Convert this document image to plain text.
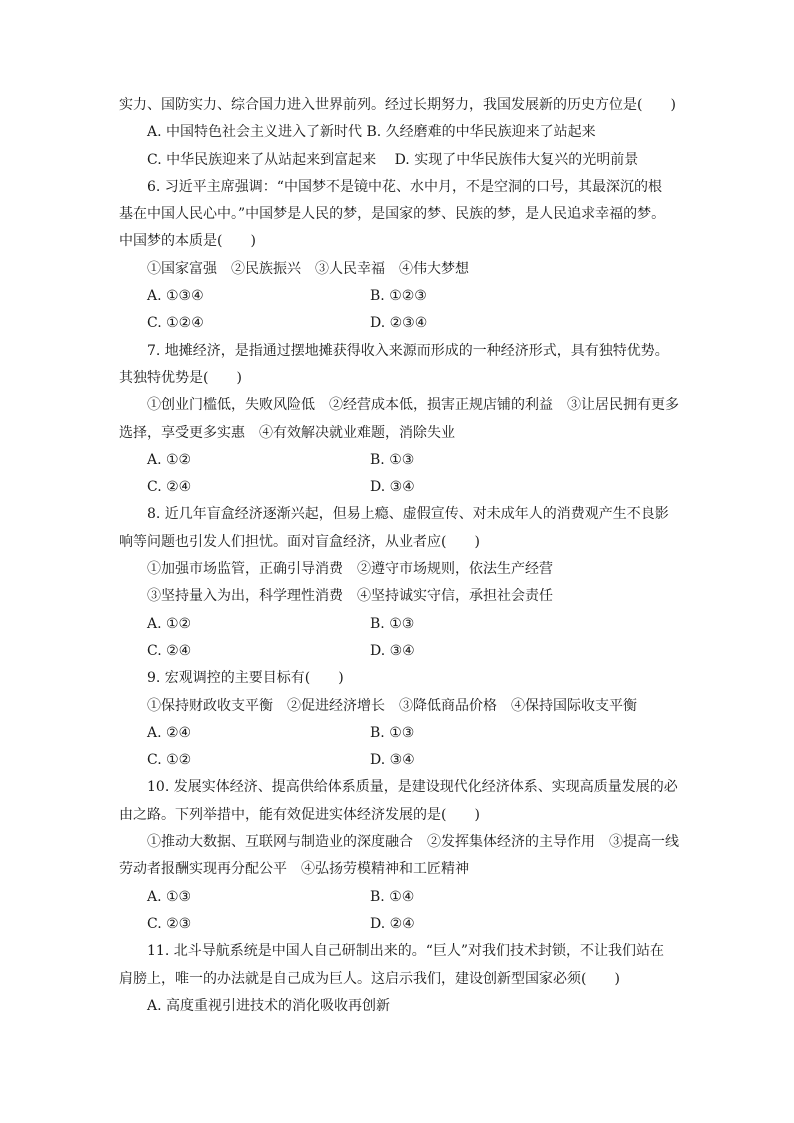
实力、国防实力、综合国力进入世界前列。经过长期努力，我国发展新的历史方位是(　　)
A. 中国特色社会主义进入了新时代 B. 久经磨难的中华民族迎来了站起来
C. 中华民族迎来了从站起来到富起来　 D. 实现了中华民族伟大复兴的光明前景
6. 习近平主席强调：“中国梦不是镜中花、水中月，不是空洞的口号，其最深沉的根
基在中国人民心中。”中国梦是人民的梦，是国家的梦、民族的梦，是人民追求幸福的梦。
中国梦的本质是(　　)
①国家富强　②民族振兴　③人民幸福　④伟大梦想
A. ①③④	B. ①②③
C. ①②④	D. ②③④
7. 地摊经济，是指通过摆地摊获得收入来源而形成的一种经济形式，具有独特优势。
其独特优势是(　　)
①创业门槛低，失败风险低　②经营成本低，损害正规店铺的利益　③让居民拥有更多
选择，享受更多实惠　④有效解决就业难题，消除失业
A. ①②	B. ①③
C. ②④	D. ③④
8. 近几年盲盒经济逐渐兴起，但易上瘾、虚假宣传、对未成年人的消费观产生不良影
响等问题也引发人们担忧。面对盲盒经济，从业者应(　　)
①加强市场监管，正确引导消费　②遵守市场规则，依法生产经营
③坚持量入为出，科学理性消费　④坚持诚实守信，承担社会责任
A. ①②	B. ①③
C. ②④	D. ③④
9. 宏观调控的主要目标有(　　)
①保持财政收支平衡　②促进经济增长　③降低商品价格　④保持国际收支平衡
A. ②④	B. ①③
C. ①②	D. ③④
10. 发展实体经济、提高供给体系质量，是建设现代化经济体系、实现高质量发展的必
由之路。下列举措中，能有效促进实体经济发展的是(　　)
①推动大数据、互联网与制造业的深度融合　②发挥集体经济的主导作用　③提高一线
劳动者报酬实现再分配公平　④弘扬劳模精神和工匠精神
A. ①③	B. ①④
C. ②③	D. ②④
11. 北斗导航系统是中国人自己研制出来的。“巨人”对我们技术封锁，不让我们站在
肩膀上，唯一的办法就是自己成为巨人。这启示我们，建设创新型国家必须(　　)
A. 高度重视引进技术的消化吸收再创新
